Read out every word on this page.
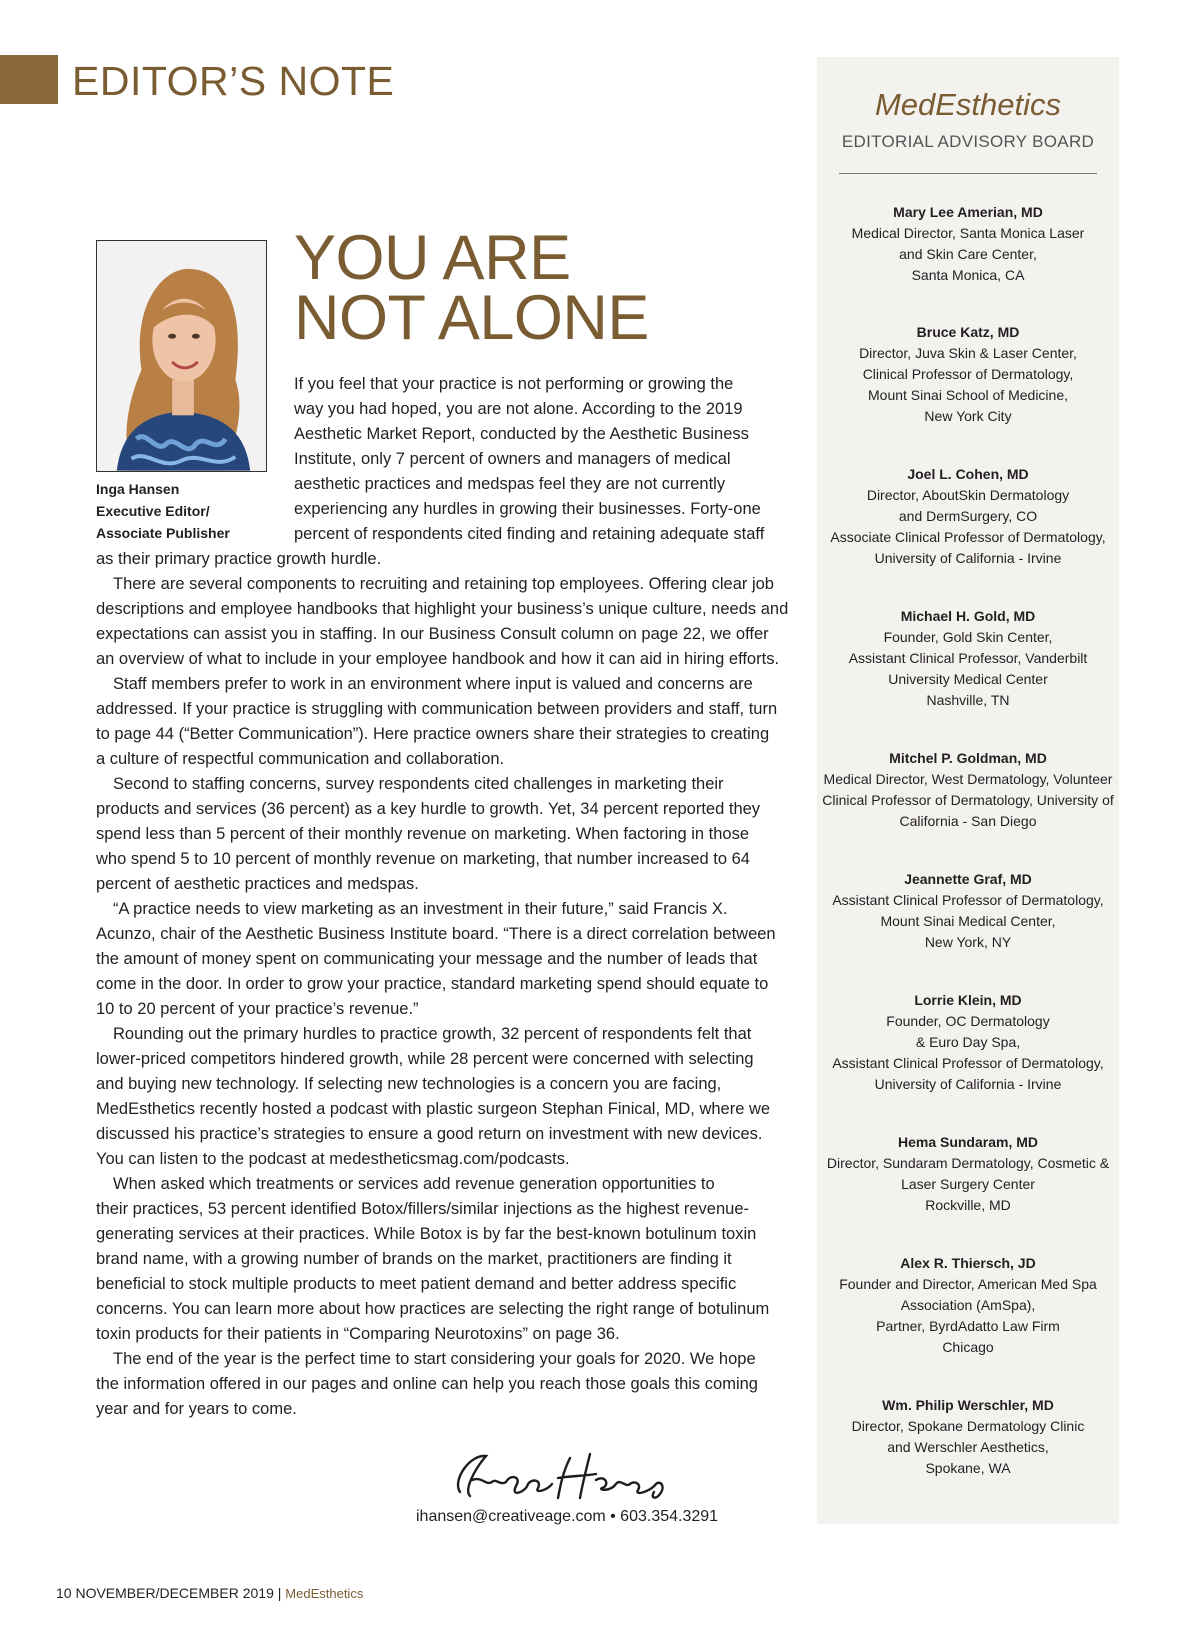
EDITOR’S NOTE
Inga Hansen
Executive Editor/
Associate Publisher
YOU ARE
NOT ALONE
If you feel that your practice is not performing or growing the
way you had hoped, you are not alone. According to the 2019
Aesthetic Market Report, conducted by the Aesthetic Business
Institute, only 7 percent of owners and managers of medical
aesthetic practices and medspas feel they are not currently
experiencing any hurdles in growing their businesses. Forty-one
percent of respondents cited finding and retaining adequate staff
as their primary practice growth hurdle.
There are several components to recruiting and retaining top employees. Offering clear job
descriptions and employee handbooks that highlight your business’s unique culture, needs and
expectations can assist you in staffing. In our Business Consult column on page 22, we offer
an overview of what to include in your employee handbook and how it can aid in hiring efforts.
Staff members prefer to work in an environment where input is valued and concerns are
addressed. If your practice is struggling with communication between providers and staff, turn
to page 44 (“Better Communication”). Here practice owners share their strategies to creating
a culture of respectful communication and collaboration.
Second to staffing concerns, survey respondents cited challenges in marketing their
products and services (36 percent) as a key hurdle to growth. Yet, 34 percent reported they
spend less than 5 percent of their monthly revenue on marketing. When factoring in those
who spend 5 to 10 percent of monthly revenue on marketing, that number increased to 64
percent of aesthetic practices and medspas.
“A practice needs to view marketing as an investment in their future,” said Francis X.
Acunzo, chair of the Aesthetic Business Institute board. “There is a direct correlation between
the amount of money spent on communicating your message and the number of leads that
come in the door. In order to grow your practice, standard marketing spend should equate to
10 to 20 percent of your practice’s revenue.”
Rounding out the primary hurdles to practice growth, 32 percent of respondents felt that
lower-priced competitors hindered growth, while 28 percent were concerned with selecting
and buying new technology. If selecting new technologies is a concern you are facing,
MedEsthetics recently hosted a podcast with plastic surgeon Stephan Finical, MD, where we
discussed his practice’s strategies to ensure a good return on investment with new devices.
You can listen to the podcast at medestheticsmag.com/podcasts.
When asked which treatments or services add revenue generation opportunities to
their practices, 53 percent identified Botox/fillers/similar injections as the highest revenue-
generating services at their practices. While Botox is by far the best-known botulinum toxin
brand name, with a growing number of brands on the market, practitioners are finding it
beneficial to stock multiple products to meet patient demand and better address specific
concerns. You can learn more about how practices are selecting the right range of botulinum
toxin products for their patients in “Comparing Neurotoxins” on page 36.
The end of the year is the perfect time to start considering your goals for 2020. We hope
the information offered in our pages and online can help you reach those goals this coming
year and for years to come.
ihansen@creativeage.com • 603.354.3291
10 NOVEMBER/DECEMBER 2019 | MedEsthetics
MedEsthetics
EDITORIAL ADVISORY BOARD
Mary Lee Amerian, MD
Medical Director, Santa Monica Laser
and Skin Care Center,
Santa Monica, CA
Bruce Katz, MD
Director, Juva Skin & Laser Center,
Clinical Professor of Dermatology,
Mount Sinai School of Medicine,
New York City
Joel L. Cohen, MD
Director, AboutSkin Dermatology
and DermSurgery, CO
Associate Clinical Professor of Dermatology,
University of California - Irvine
Michael H. Gold, MD
Founder, Gold Skin Center,
Assistant Clinical Professor, Vanderbilt
University Medical Center
Nashville, TN
Mitchel P. Goldman, MD
Medical Director, West Dermatology, Volunteer
Clinical Professor of Dermatology, University of
California - San Diego
Jeannette Graf, MD
Assistant Clinical Professor of Dermatology,
Mount Sinai Medical Center,
New York, NY
Lorrie Klein, MD
Founder, OC Dermatology
& Euro Day Spa,
Assistant Clinical Professor of Dermatology,
University of California - Irvine
Hema Sundaram, MD
Director, Sundaram Dermatology, Cosmetic &
Laser Surgery Center
Rockville, MD
Alex R. Thiersch, JD
Founder and Director, American Med Spa
Association (AmSpa),
Partner, ByrdAdatto Law Firm
Chicago
Wm. Philip Werschler, MD
Director, Spokane Dermatology Clinic
and Werschler Aesthetics,
Spokane, WA
